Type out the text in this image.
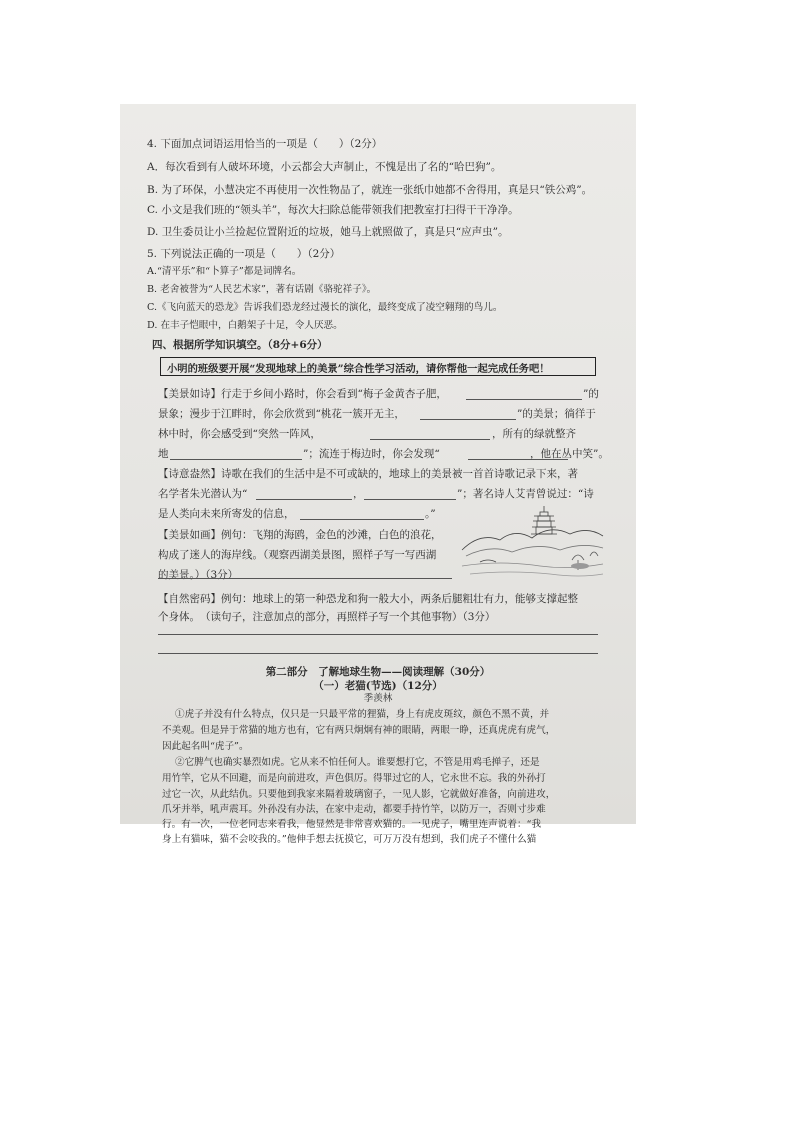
4. 下面加点词语运用恰当的一项是（　　）（2分）
A．每次看到有人破坏环境，小云都会大声制止，不愧是出了名的“哈巴狗”。
B. 为了环保，小慧决定不再使用一次性物品了，就连一张纸巾她都不舍得用，真是只“铁公鸡”。
C. 小文是我们班的“领头羊”，每次大扫除总能带领我们把教室打扫得干干净净。
D. 卫生委员让小兰捡起位置附近的垃圾，她马上就照做了，真是只“应声虫”。
5. 下列说法正确的一项是（　　）（2分）
A.“清平乐”和“卜算子”都是词牌名。
B. 老舍被誉为“人民艺术家”，著有话剧《骆驼祥子》。
C.《飞向蓝天的恐龙》告诉我们恐龙经过漫长的演化，最终变成了凌空翱翔的鸟儿。
D. 在丰子恺眼中，白鹅架子十足，令人厌恶。
四、根据所学知识填空。（8分+6分）
小明的班级要开展“发现地球上的美景”综合性学习活动，请你帮他一起完成任务吧！
【美景如诗】行走于乡间小路时，你会看到“梅子金黄杏子肥，	”的
景象；漫步于江畔时，你会欣赏到“桃花一簇开无主，	”的美景；徜徉于
林中时，你会感受到“突然一阵风，	，所有的绿就整齐
地	”；流连于梅边时，你会发现“	，他在丛中笑”。
【诗意盎然】诗歌在我们的生活中是不可或缺的，地球上的美景被一首首诗歌记录下来，著
名学者朱光潜认为“	，	”；著名诗人艾青曾说过：“诗
是人类向未来所寄发的信息，	。”
【美景如画】例句：飞翔的海鸥，金色的沙滩，白色的浪花，
构成了迷人的海岸线。（观察西湖美景图，照样子写一写西湖
的美景。）（3分）
【自然密码】例句：地球上的第一种恐龙和狗一般大小，两条后腿粗壮有力，能够支撑起整
个身体。　（读句子，注意加点的部分，再照样子写一个其他事物）（3分）
第二部分　了解地球生物——阅读理解（30分）
（一）老猫(节选)（12分）
季羡林
①虎子并没有什么特点，仅只是一只最平常的狸猫，身上有虎皮斑纹，颜色不黑不黄，并
不美观。但是异于常猫的地方也有，它有两只炯炯有神的眼睛，两眼一睁，还真虎虎有虎气，
因此起名叫“虎子”。
②它脾气也确实暴烈如虎。它从来不怕任何人。谁要想打它，不管是用鸡毛掸子，还是
用竹竿，它从不回避，而是向前进攻，声色俱厉。得罪过它的人，它永世不忘。我的外孙打
过它一次，从此结仇。只要他到我家来隔着玻璃窗子，一见人影，它就做好准备，向前进攻，
爪牙并举，吼声震耳。外孙没有办法，在家中走动，都要手持竹竿，以防万一，否则寸步难
行。有一次，一位老同志来看我，他显然是非常喜欢猫的。一见虎子，嘴里连声说着：“我
身上有猫味，猫不会咬我的。”他伸手想去抚摸它，可万万没有想到，我们虎子不懂什么猫
